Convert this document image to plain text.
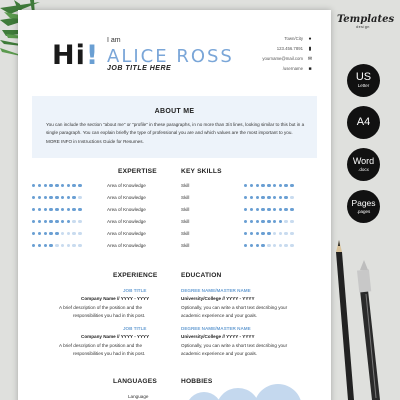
Hi! I am
ALICE ROSS
JOB TITLE HERE
Town/City ●
123.456.7891	▮
yourname@mail.com ✉
/username ■
ABOUT ME
You can include the section "about me" or "profile" in these paragraphs, in no more than 3/4 lines, looking similar to this but in a single paragraph. You can explain briefly the type of professional you are and which values are the most important to you. MORE INFO in Instructions Guide for Resumes.
EXPERTISE	KEY SKILLS
Area of Knowledge	Skill
Area of Knowledge	Skill
Area of Knowledge	Skill
Area of Knowledge	Skill
Area of Knowledge	Skill
Area of Knowledge	Skill
EXPERIENCE
JOB TITLE
Company Name // YYYY - YYYY
A brief description of the position and the
responsibilities you had in this post.
JOB TITLE
Company Name // YYYY - YYYY
A brief description of the position and the
responsibilities you had in this post.
EDUCATION
DEGREE NAME/MASTER NAME
University/College // YYYY - YYYY
Optionally, you can write a short text describing your
academic experience and your goals.
DEGREE NAME/MASTER NAME
University/College // YYYY - YYYY
Optionally, you can write a short text describing your
academic experience and your goals.
LANGUAGES
Language
HOBBIES
Templates
design
US
Letter
A4
Word
.docx
Pages
.pages
